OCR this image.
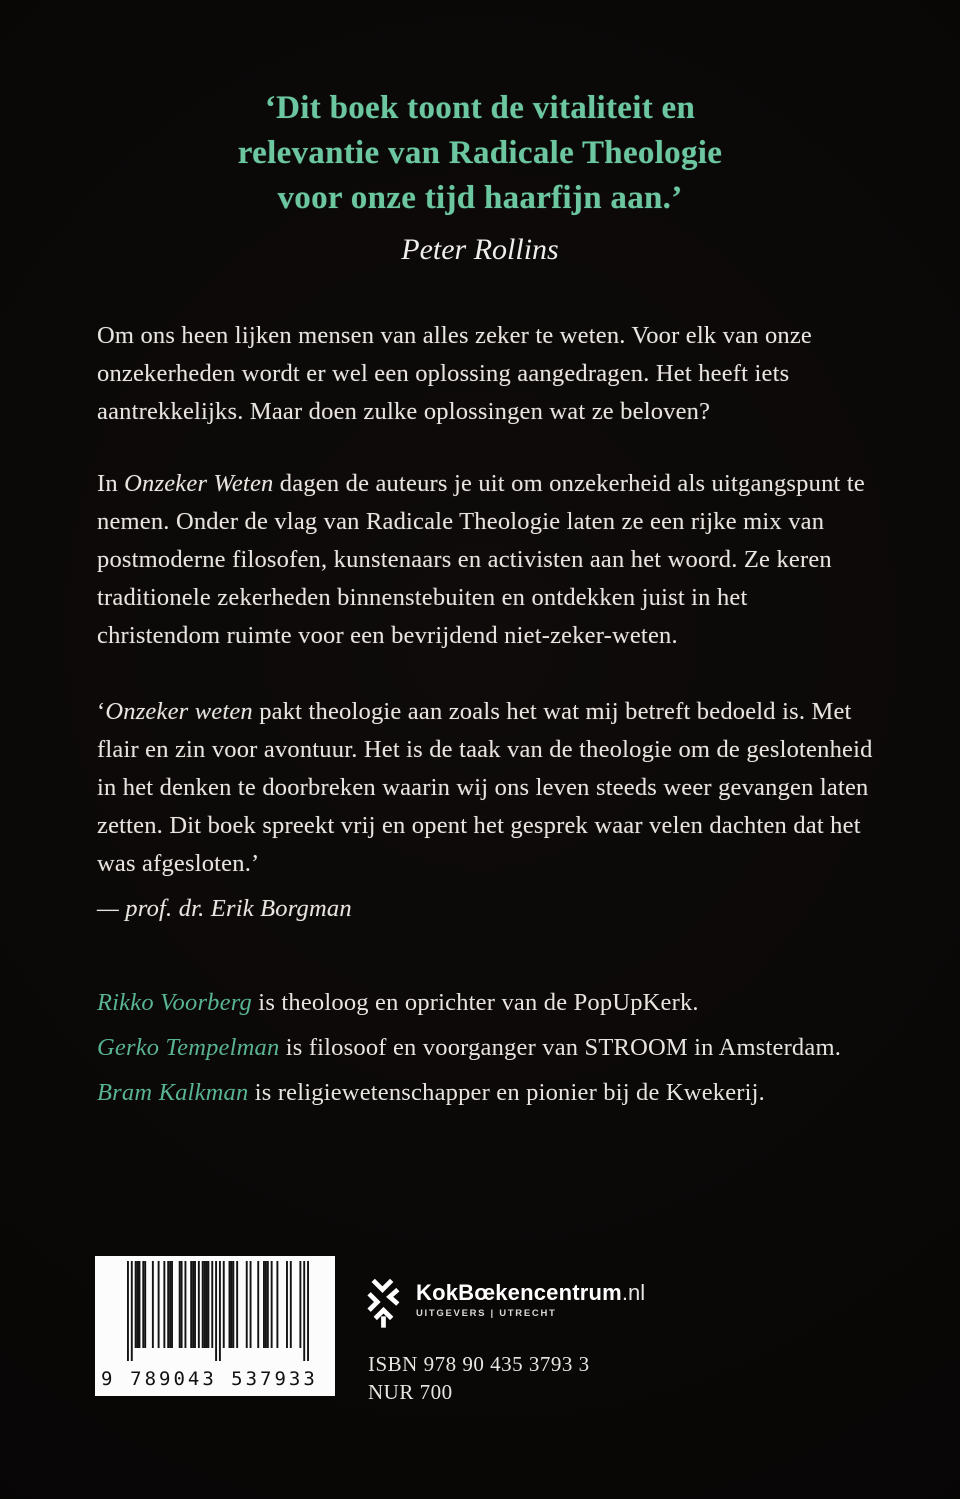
‘Dit boek toont de vitaliteit en
relevantie van Radicale Theologie
voor onze tijd haarfijn aan.’
Peter Rollins

Om ons heen lijken mensen van alles zeker te weten. Voor elk van onze onzekerheden wordt er wel een oplossing aangedragen. Het heeft iets aantrekkelijks. Maar doen zulke oplossingen wat ze beloven?

In Onzeker Weten dagen de auteurs je uit om onzekerheid als uitgangspunt te nemen. Onder de vlag van Radicale Theologie laten ze een rijke mix van postmoderne filosofen, kunstenaars en activisten aan het woord. Ze keren traditionele zekerheden binnenstebuiten en ontdekken juist in het christendom ruimte voor een bevrijdend niet-zeker-weten.

‘Onzeker weten pakt theologie aan zoals het wat mij betreft bedoeld is. Met flair en zin voor avontuur. Het is de taak van de theologie om de geslotenheid in het denken te doorbreken waarin wij ons leven steeds weer gevangen laten zetten. Dit boek spreekt vrij en opent het gesprek waar velen dachten dat het was afgesloten.’

— prof. dr. Erik Borgman
Rikko Voorberg is theoloog en oprichter van de PopUpKerk.
Gerko Tempelman is filosoof en voorganger van STROOM in Amsterdam.
Bram Kalkman is religiewetenschapper en pionier bij de Kwekerij.
9 789043 537933
KokBœkencentrum.nl
UITGEVERS | UTRECHT
ISBN 978 90 435 3793 3
NUR 700
